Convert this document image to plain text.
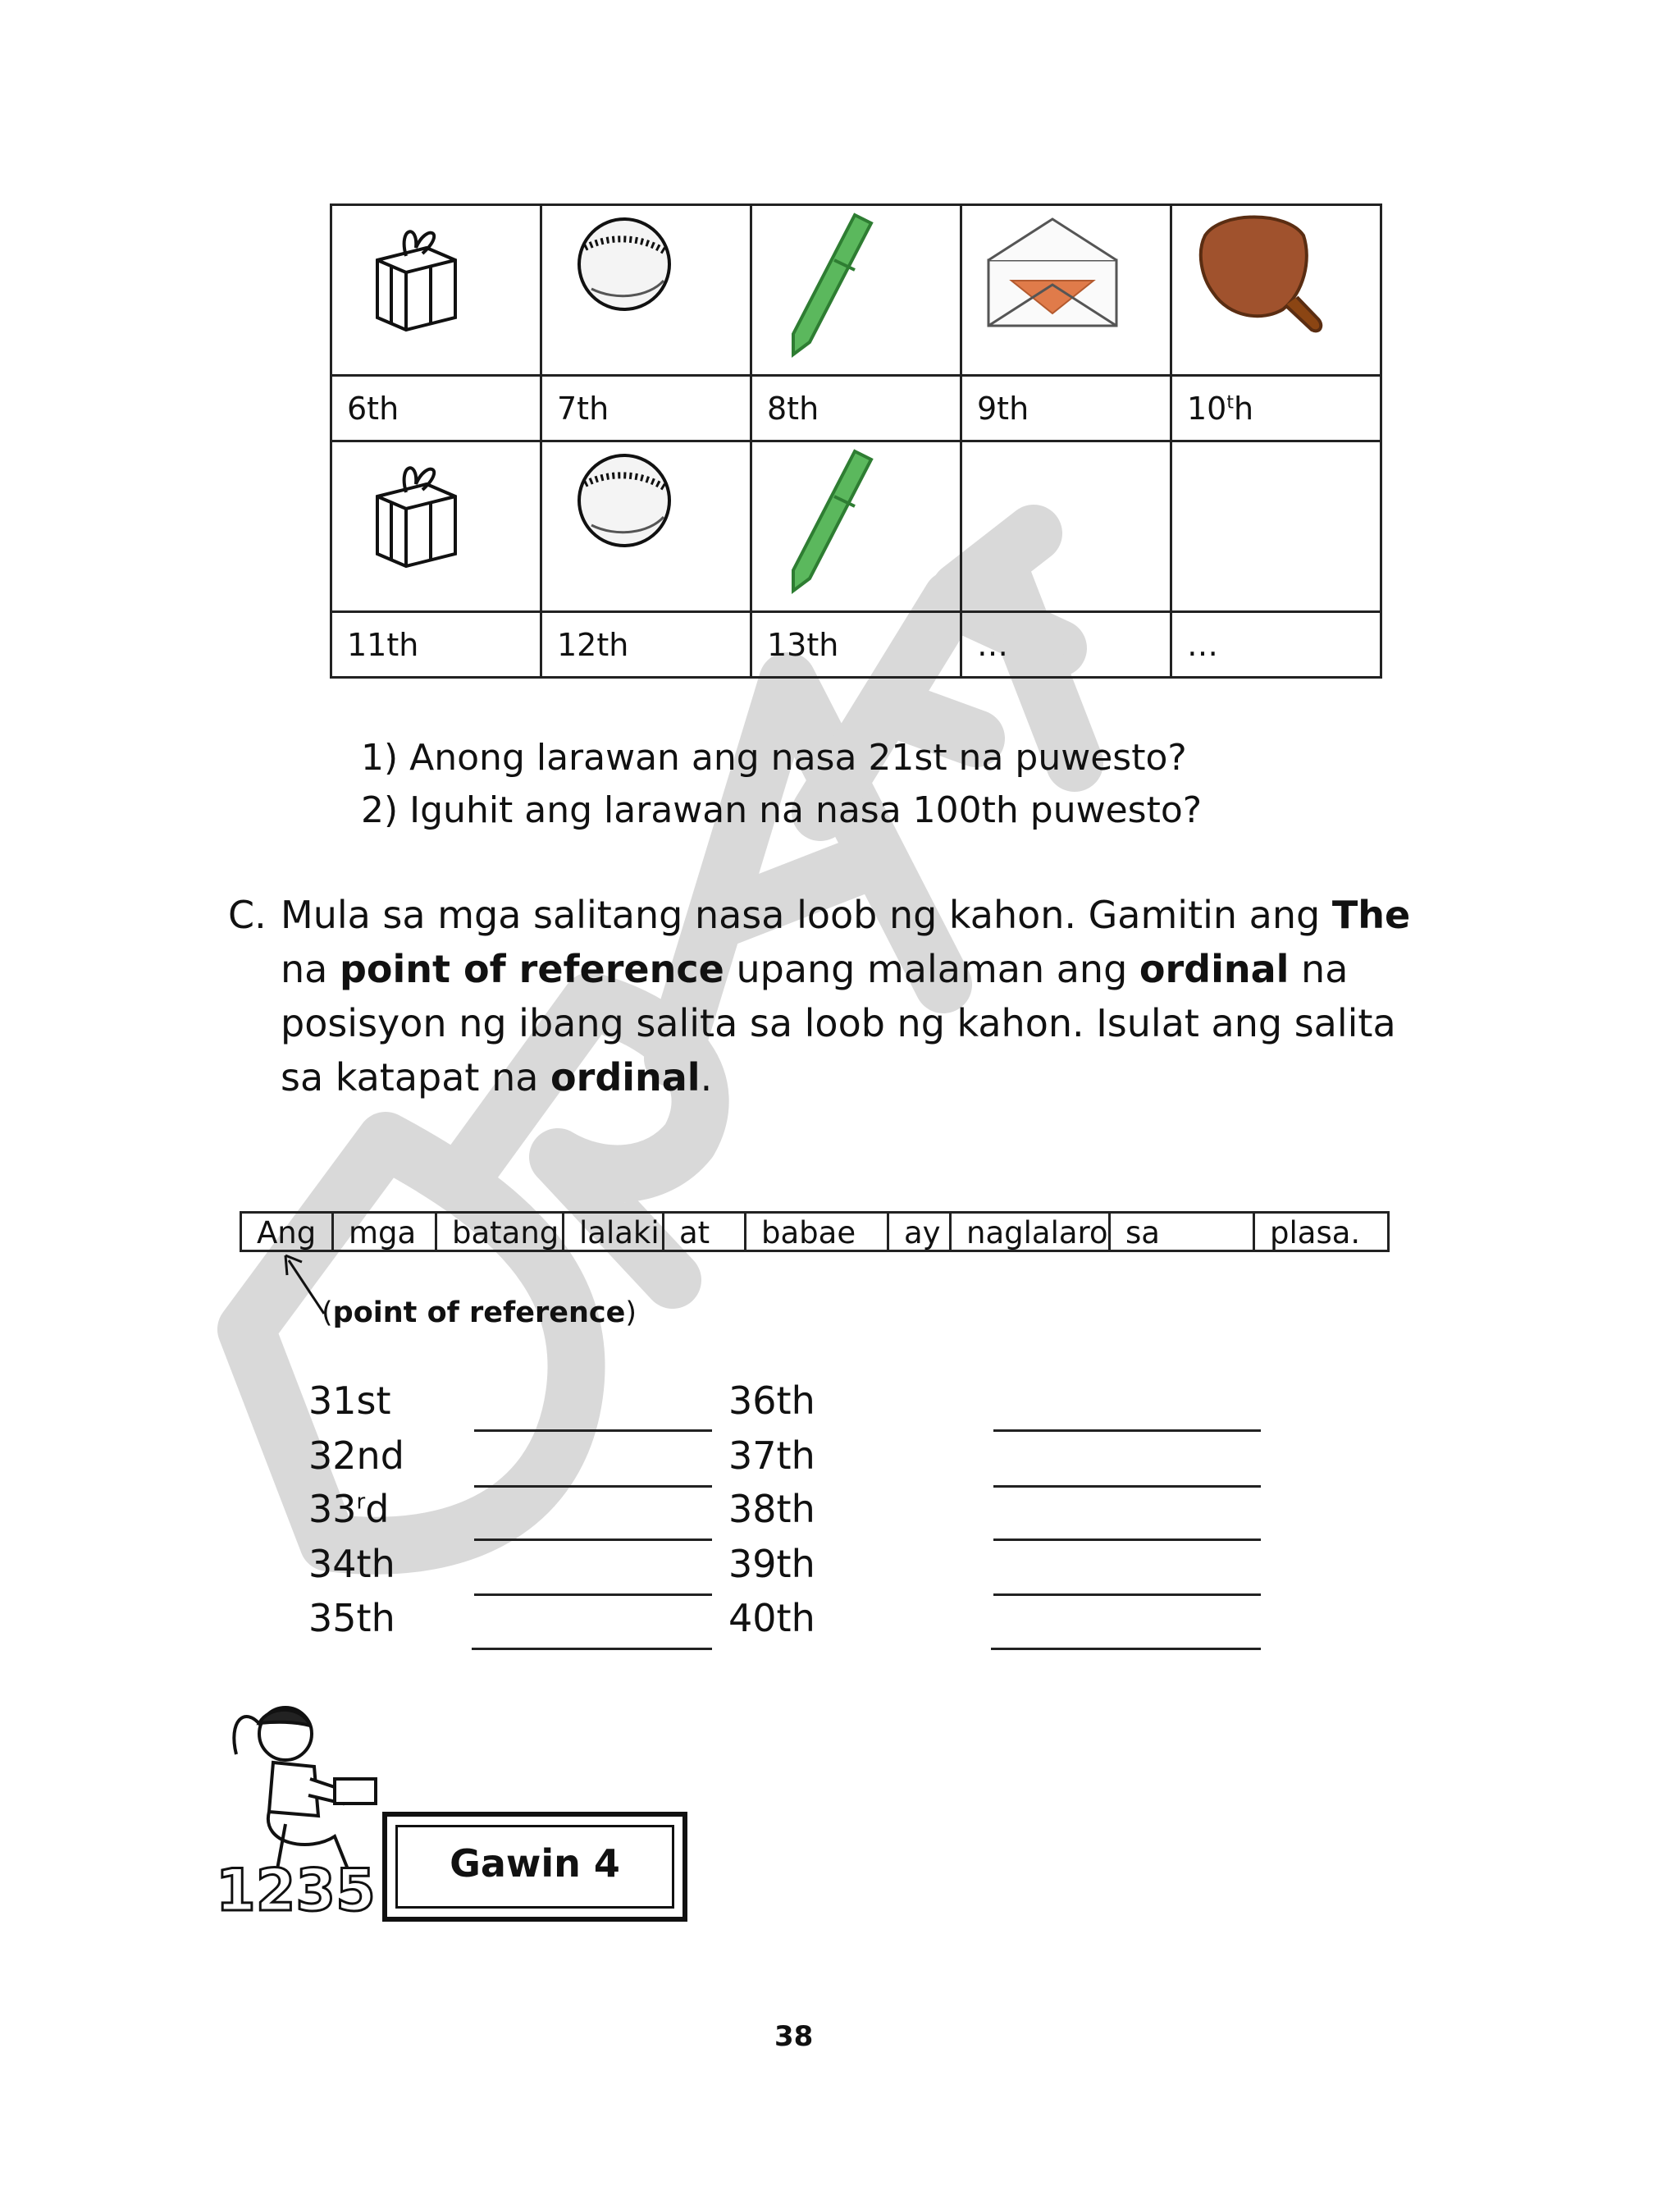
6th	7th	8th	9th	10$^t$h

11th	12th	13th	…	…
1) Anong larawan ang nasa 21st na puwesto?
2) Iguhit ang larawan na nasa 100th puwesto?
C. Mula sa mga salitang nasa loob ng kahon. Gamitin ang The na point of reference upang malaman ang ordinal na posisyon ng ibang salita sa loob ng kahon. Isulat ang salita sa katapat na ordinal.
Ang	mga	batang lalaki at	babae	ay naglalaro sa	plasa.
(point of reference)
31st
32nd
33$^r$d
34th
35th
36th
37th
38th
39th
40th
1235	Gawin 4
38
